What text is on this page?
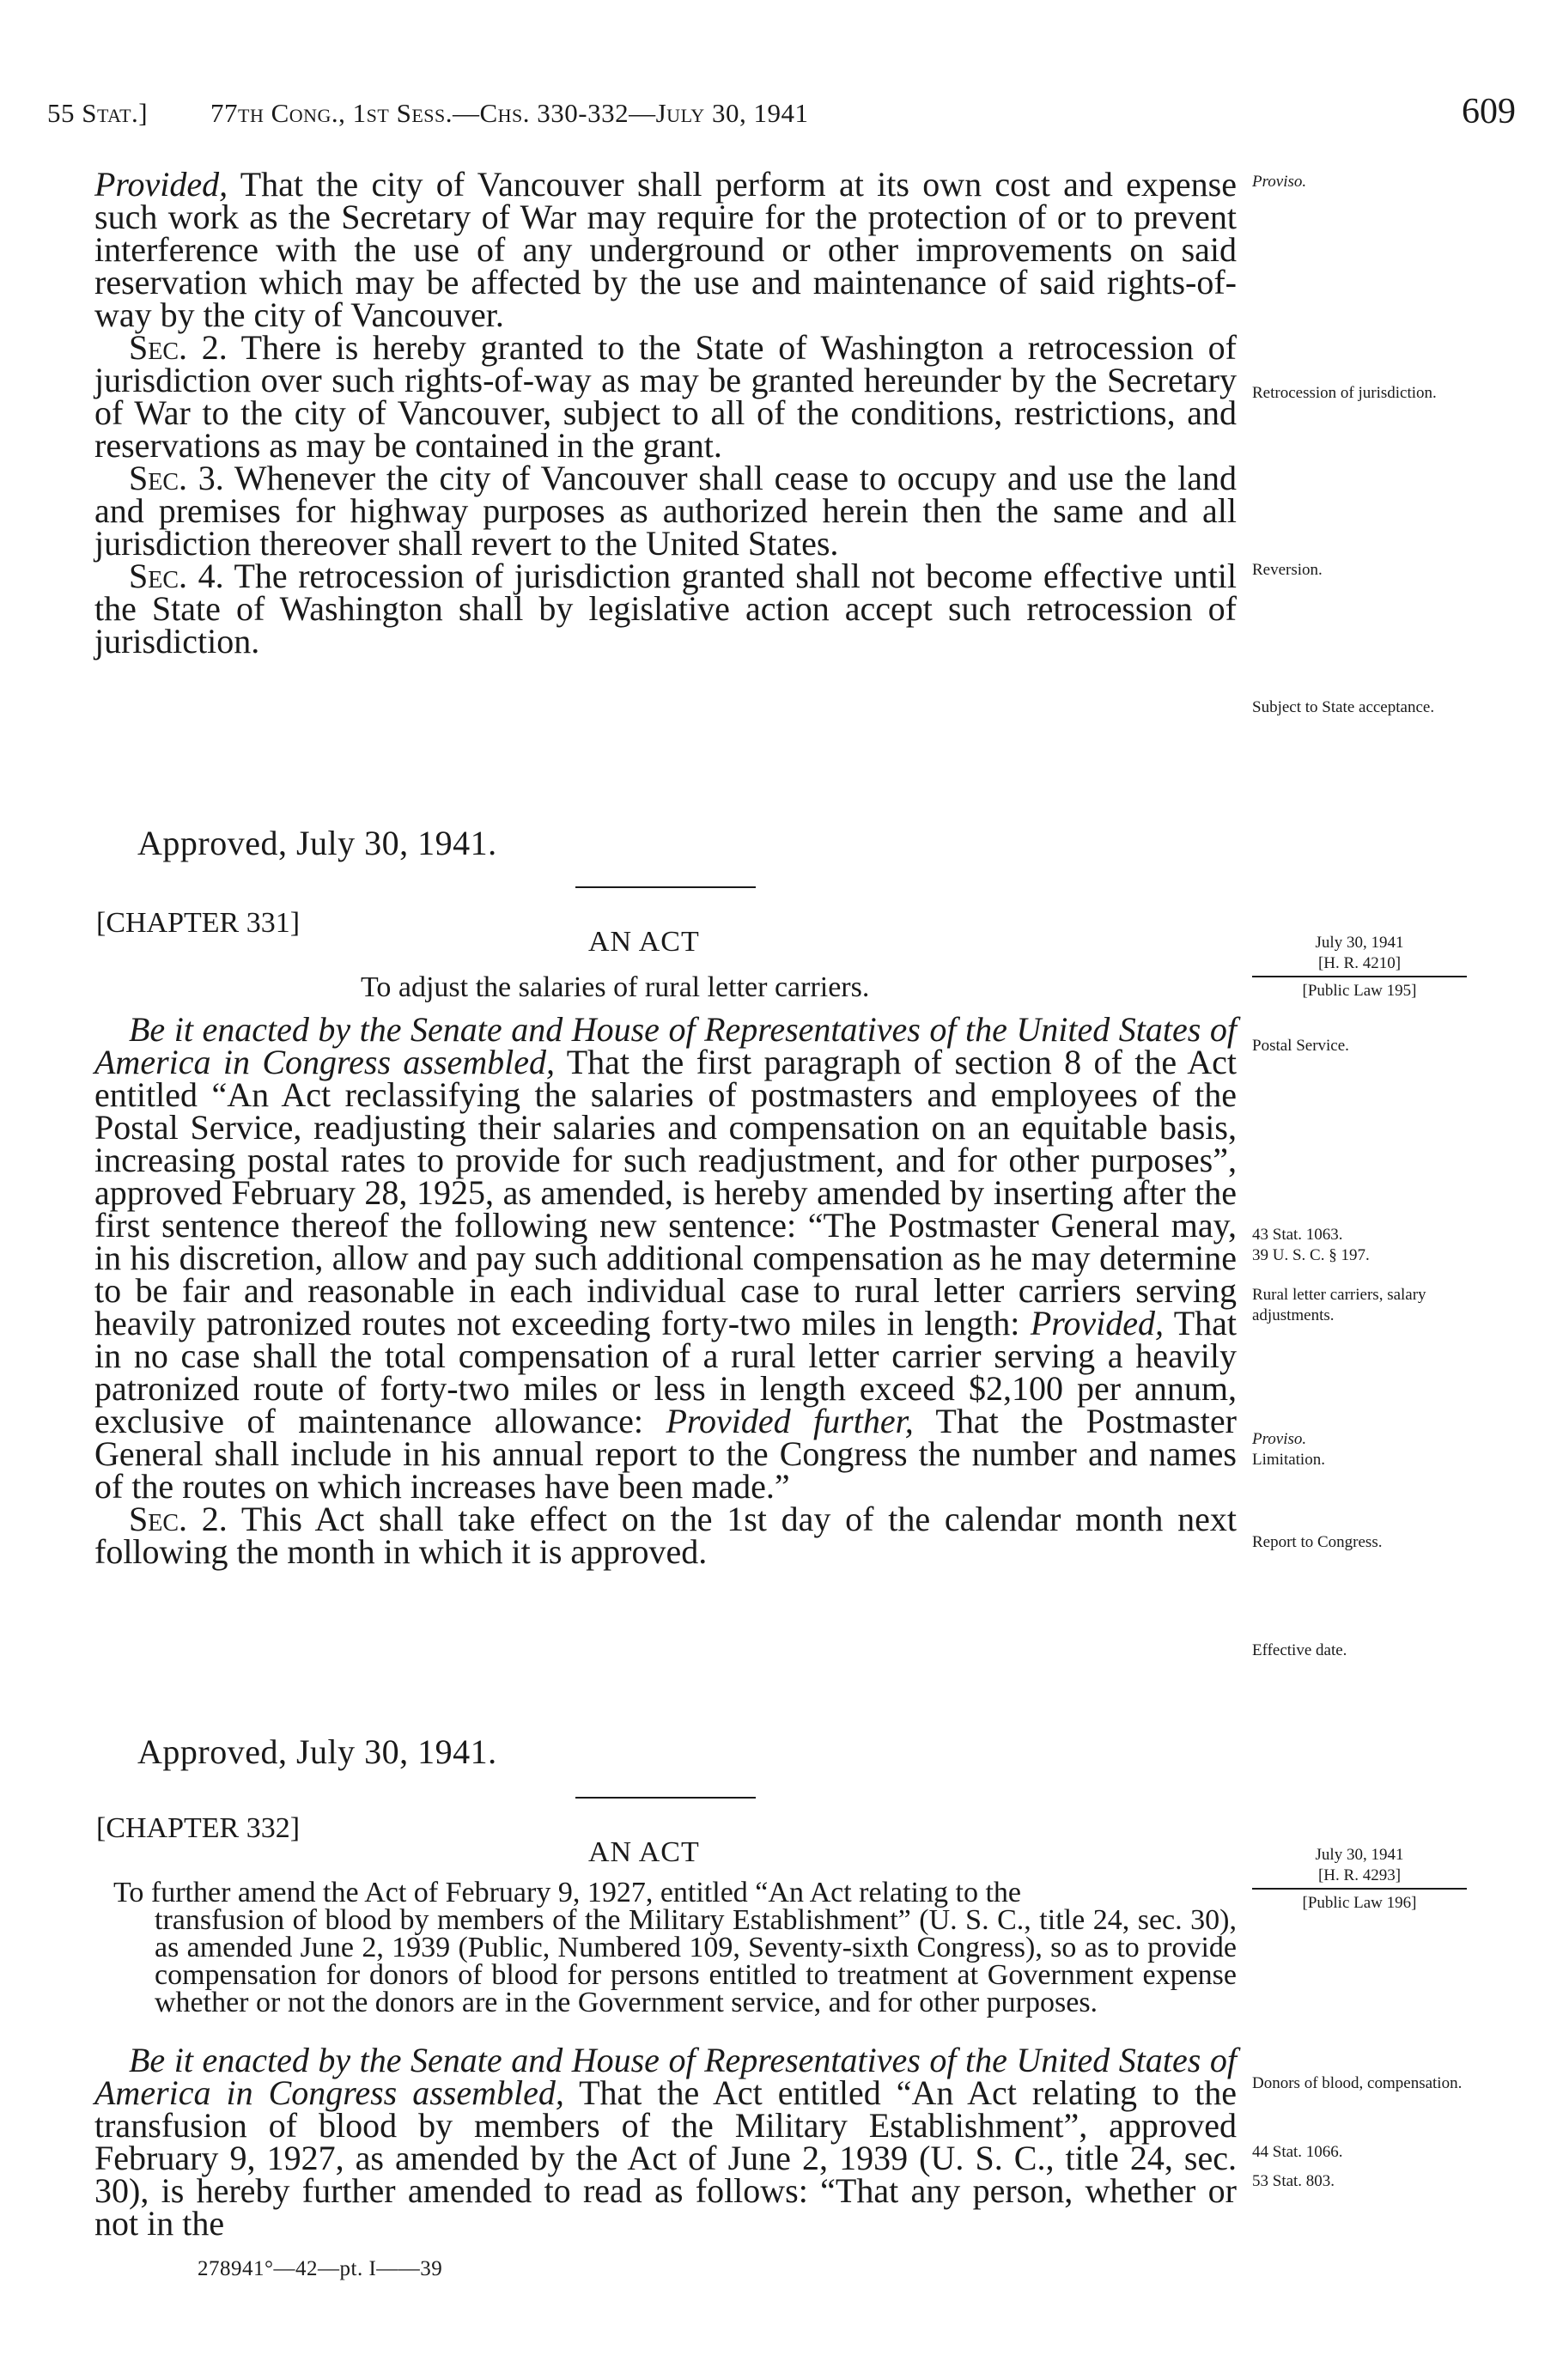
55 Stat.] 77th Cong., 1st Sess.—Chs. 330-332—July 30, 1941	609

Provided, That the city of Vancouver shall perform at its own cost and expense such work as the Secretary of War may require for the protection of or to prevent interference with the use of any underground or other improvements on said reservation which may be affected by the use and maintenance of said rights-of-way by the city of Vancouver.

Sec. 2. There is hereby granted to the State of Washington a retrocession of jurisdiction over such rights-of-way as may be granted hereunder by the Secretary of War to the city of Vancouver, subject to all of the conditions, restrictions, and reservations as may be contained in the grant.

Sec. 3. Whenever the city of Vancouver shall cease to occupy and use the land and premises for highway purposes as authorized herein then the same and all jurisdiction thereover shall revert to the United States.

Sec. 4. The retrocession of jurisdiction granted shall not become effective until the State of Washington shall by legislative action accept such retrocession of jurisdiction.

Approved, July 30, 1941.
Proviso.
Retrocession of jurisdiction.
Reversion.
Subject to State acceptance.
[CHAPTER 331]
AN ACT
To adjust the salaries of rural letter carriers.
July 30, 1941
[H. R. 4210]
[Public Law 195]

Be it enacted by the Senate and House of Representatives of the United States of America in Congress assembled, That the first paragraph of section 8 of the Act entitled “An Act reclassifying the salaries of postmasters and employees of the Postal Service, readjusting their salaries and compensation on an equitable basis, increasing postal rates to provide for such readjustment, and for other purposes”, approved February 28, 1925, as amended, is hereby amended by inserting after the first sentence thereof the following new sentence: “The Postmaster General may, in his discretion, allow and pay such additional compensation as he may determine to be fair and reasonable in each individual case to rural letter carriers serving heavily patronized routes not exceeding forty-two miles in length: Provided, That in no case shall the total compensation of a rural letter carrier serving a heavily patronized route of forty-two miles or less in length exceed $2,100 per annum, exclusive of maintenance allowance: Provided further, That the Postmaster General shall include in his annual report to the Congress the number and names of the routes on which increases have been made.”

Sec. 2. This Act shall take effect on the 1st day of the calendar month next following the month in which it is approved.

Approved, July 30, 1941.
Postal Service.
43 Stat. 1063.
39 U. S. C. § 197.
Rural letter carriers, salary adjustments.
Proviso.
Limitation.
Report to Congress.
Effective date.
[CHAPTER 332]
AN ACT	July 30, 1941
[H. R. 4293]
[Public Law 196]
To further amend the Act of February 9, 1927, entitled “An Act relating to the
transfusion of blood by members of the Military Establishment” (U. S. C., title 24, sec. 30), as amended June 2, 1939 (Public, Numbered 109, Seventy-sixth Congress), so as to provide compensation for donors of blood for persons entitled to treatment at Government expense whether or not the donors are in the Government service, and for other purposes.

Be it enacted by the Senate and House of Representatives of the United States of America in Congress assembled, That the Act entitled “An Act relating to the transfusion of blood by members of the Military Establishment”, approved February 9, 1927, as amended by the Act of June 2, 1939 (U. S. C., title 24, sec. 30), is hereby further amended to read as follows: “That any person, whether or not in the

Donors of blood, compensation.
44 Stat. 1066.
53 Stat. 803.
278941°—42—pt. I——39
